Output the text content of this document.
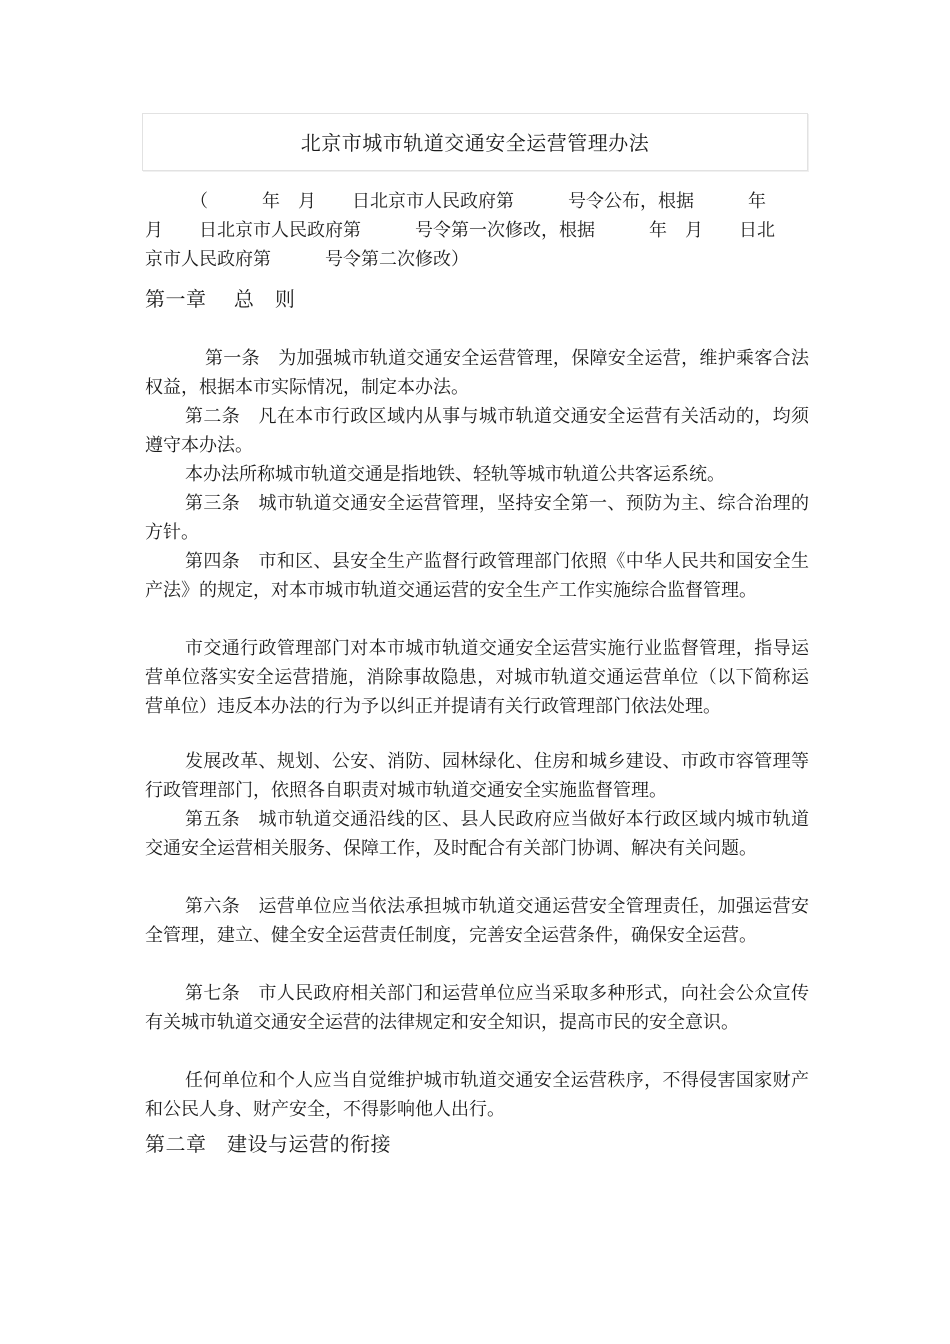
北京市城市轨道交通安全运营管理办法
（　　　年　月　　日北京市人民政府第　　　号令公布，根据　　　年
月　　日北京市人民政府第　　　号令第一次修改，根据　　　年　月　　日北
京市人民政府第　　　号令第二次修改）
第一章　 总　则
第一条　为加强城市轨道交通安全运营管理，保障安全运营，维护乘客合法权益，根据本市实际情况，制定本办法。
第二条　凡在本市行政区域内从事与城市轨道交通安全运营有关活动的，均须遵守本办法。
本办法所称城市轨道交通是指地铁、轻轨等城市轨道公共客运系统。
第三条　城市轨道交通安全运营管理，坚持安全第一、预防为主、综合治理的方针。
第四条　市和区、县安全生产监督行政管理部门依照《中华人民共和国安全生产法》的规定，对本市城市轨道交通运营的安全生产工作实施综合监督管理。
市交通行政管理部门对本市城市轨道交通安全运营实施行业监督管理，指导运营单位落实安全运营措施，消除事故隐患，对城市轨道交通运营单位（以下简称运营单位）违反本办法的行为予以纠正并提请有关行政管理部门依法处理。
发展改革、规划、公安、消防、园林绿化、住房和城乡建设、市政市容管理等行政管理部门，依照各自职责对城市轨道交通安全实施监督管理。
第五条　城市轨道交通沿线的区、县人民政府应当做好本行政区域内城市轨道交通安全运营相关服务、保障工作，及时配合有关部门协调、解决有关问题。
第六条　运营单位应当依法承担城市轨道交通运营安全管理责任，加强运营安全管理，建立、健全安全运营责任制度，完善安全运营条件，确保安全运营。
第七条　市人民政府相关部门和运营单位应当采取多种形式，向社会公众宣传有关城市轨道交通安全运营的法律规定和安全知识，提高市民的安全意识。
任何单位和个人应当自觉维护城市轨道交通安全运营秩序，不得侵害国家财产和公民人身、财产安全，不得影响他人出行。
第二章　建设与运营的衔接
